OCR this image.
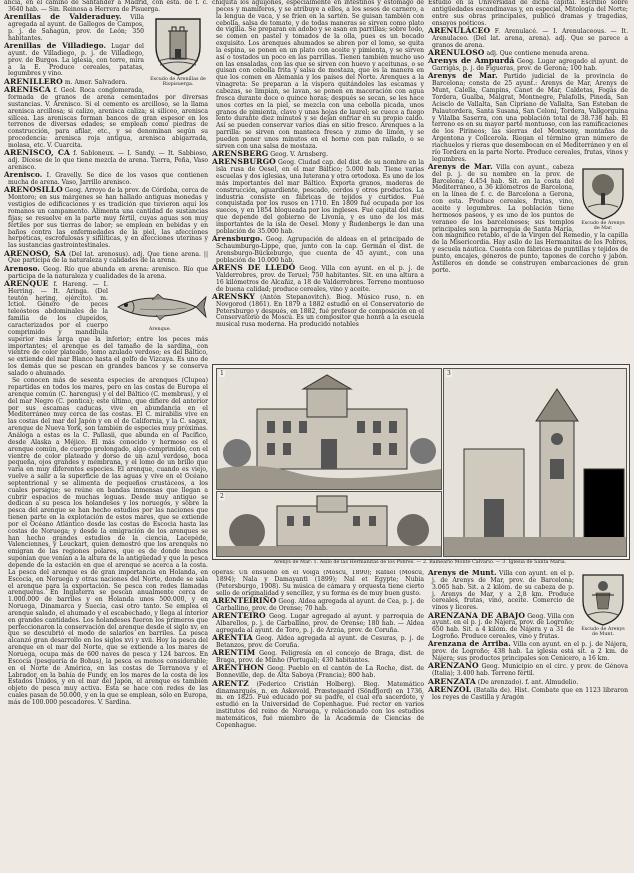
ancia, en el camino de Santander a Madrid, con esta. de f. c. 3640 hab. — Sin. Reinosa a Herrera de Pisuerga.
Escudo de Arenillas de Riopisuerga.
Arenillas de Valderaduey. Villa agregada al ayunt. de Gallegos de Campos, p. j. de Sahagún, prov. de León; 350 habitantes.
Arenillas de Villadiego. Lugar del ayunt. de Villadiego, p. j. de Villadiego, prov. de Burgos. La iglesia, con torre, mira a la E. Produce cereales, patatas, legumbres y vino.
ARENILLERO m. Amer. Salvadera.
ARENISCA f. Geol. Roca conglomerada, formada de granos de arena cementados por diversas sustancias. V. Arenisco. Si el cemento es arcilloso, se la llama arenisca arcillosa; si calizo, arenisca caliza; si silíceo, arenisca silícea. Las areniscas forman bancos de gran espesor en los terrenos de diversas edades; se emplean como piedras de construcción, para afilar, etc., y se denominan según su procedencia: arenisca roja antigua, arenisca abigarrada, molasa, etc. V. Cuarcita.
ARENISCO, CA f. Sabloneux. — I. Sandy. — It. Sabbioso, adj. Dícese de lo que tiene mezcla de arena. Tierra, Peña, Vaso arenisco.
Arenisco. I. Gravelly. Se dice de los vasos que contienen mucha de arena. Vaso, Jarrillo arenisco.
ARENOSILLO Geog. Arroyo de la prov. de Córdoba, cerca de Montoro; en sus márgenes se han hallado antiguas monedas y vestigios de edificaciones y es tradición que tuvieron aquí los romanos un campamento. Alimenta una cantidad de sustancias fijas; se resuelve en la parte muy fértil, cuyas aguas son muy fértiles por sus tierras de labor; se emplean en bebidas y en baños contra las enfermedades de la piel, las afecciones herpéticas, escrofulosas y sifilíticas, y en afecciones uterinas y las sustancias gastrointestinales.
ARENOSO, SA (Del lat. arenosus). adj. Que tiene arena. || Que participa de la naturaleza y calidades de la arena.
Arenoso. Geog. Río que abunda en arena: arenisco. Río que participa de la naturaleza y cualidades de la arena.
Arenque.
ARENQUE f. Hareng. — I. Herring. — It. Aringa. (Del teutón hering, ejército). m. Ictiol. Género de peces teleósteos abdominales de la familia de los clupeidos, caracterizados por el cuerpo comprimido y mandíbula superior más larga que la inferior; entre los peces más importantes; el arenque es del tamaño de la sardina, con vientre de color plateado, lomo azulado verdoso; es del Báltico, se extiende del mar Blanco hasta el golfo de Vizcaya. Es uno de los demás que se pescan en grandes bancos y se conserva salado o ahumado.
Se conocen más de sesenta especies de arenques (Clupea) repartidas en todos los mares, pero en las costas de Europa el arenque común (C. harengus) y el del Báltico (C. membras), y el del mar Negro (C. pontica); este último, que difiere del anterior por sus escamas caducas, vive en abundancia en el Mediterráneo muy cerca de las costas. El C. mirabilis vive en las costas del mar del Japón y en el de California, y la C. sagax, arenque de Nueva York, son también de especies muy próximas. Análoga a estas es la C. Pallasii, que abunda en el Pacífico, desde Alaska a Méjico. El más conocido y hermoso es el arenque común, de cuerpo prolongado, algo comprimido, con el vientre de color plateado y dorso de un azul verdoso, boca pequeña, ojos grandes y membrana, y el lomo de un brillo que varía en muy diferentes especies. El arenque, cuando es viejo, vuelve a salir a la superficie de las aguas y vive en el Océano septentrional y se alimenta de pequeños crustáceos, a los cuales persigue; se reúne en bandas inmensas que llegan a cubrir espacios de muchas leguas. Desde muy antiguo se dedican a su pesca los holandeses y los noruegos, y sobre la pesca del arenque se han hecho estudios por las naciones que tienen parte en la explotación de estos mares, que se extiende por el Océano Atlántico desde las costas de Escocia hasta las costas de Noruega; y desde la emigración de los arenques se han hecho grandes estudios de la ciencia, Lacepède, Valenciennes, y Leuckart, quien demostró que los arenques no emigran de las regiones polares, que es de donde muchos suponían que venían a la altura de la antigüedad y que la pesca depende de la estación en que el arenque se acerca a la costa. La pesca del arenque es de gran importancia en Holanda, en Escocia, en Noruega y otras naciones del Norte, donde se sala el arenque para la exportación. Se pesca con redes llamadas arenqueras. En Inglaterra se pescan anualmente cerca de 1.000.000 de barriles y en Holanda unos 500.000, y en Noruega, Dinamarca y Suecia, casi otro tanto. Se emplea el arenque salado, el ahumado y el escabechado, y llega al interior en grandes cantidades. Los holandeses fueron los primeros que perfeccionaron la conservación del arenque desde el siglo xv, en que se descubrió el modo de salarlos en barriles. La pesca alcanzó gran desarrollo en los siglos xvi y xvii. Hoy la pesca del arenque en el mar del Norte, que se extiende a los mares de Noruega, ocupa más de 600 naves de pesca y 124 barcos. En Escocia (pesquería de Bohus), la pesca es menos considerable; en el Norte de América, en las costas de Terranova y el Labrador, en la bahía de Fundy, en los mares de la costa de los Estados Unidos, y en el mar del Japón, el arenque es también objeto de pesca muy activa. Esta se hace con redes de las cuales pasan de 50.000, y en la que se emplean, sólo en Europa, más de 100.000 pescadores. V. Sardina.
chiquita los aguijones, especialmente en intestinos y estómago de peces y mamíferos, y se atribuye a ellos, a los sesos de carnero, a la lengua de vaca, y se fríen en la sartén. Se guisan también con cebolla, salsa de tomate, y de todas maneras se sirven como plato de vigilia. Se preparan en adobo y se asan en parrillas; sobre todo, se comen en pastel y tomados de la olla, pues es un bocado exquisito. Los arenques ahumados se abren por el lomo, se quita la espina, se ponen en un plato con aceite y pimienta, y se sirven así o tostados un poco en las parrillas. Tienen también mucho uso en las ensaladas, con las que se sirven con huevo y aceitunas, o se guisan con cebolla frita y salsa de mostaza, que es la manera en que los comen en Alemania y los países del Norte. Arenques a la vinagreta: Se preparan a la víspera quitándoles las escamas y cabezas, se limpian, se lavan, se ponen en maceración con agua fresca durante doce o quince horas; después se secan, se les hace unos cortes en la piel, se mezcla con una cebolla picada, unos granos de pimienta, clavo y unas hojas de laurel; se cuece a fuego lento durante diez minutos y se dejan enfriar en su propio caldo. Así se pueden conservar varios días en sitio fresco. Arenques a la parrilla: se sirven con manteca fresca y zumo de limón, y se pueden poner unos minutos en el horno con pan rallado, o se sirven con una salsa de mostaza.
ARENSBERG Geog. V. Arnsberg.
ARENSBURGO Geog. Ciudad cap. del dist. de su nombre en la isla rusa de Oesel, en el mar Báltico; 5.000 hab. Tiene varias escuelas y dos iglesias, una luterana y otra ortodoxa. Es uno de los más importantes del mar Báltico. Exporta granos, maderas de construcción, aguardiente, pescado, cerdos y otros productos. La industria consiste en fábricas de tejidos y curtidos. Fué conquistada por los rusos en 1710. En 1809 fué ocupada por los suecos, y en 1854 bloqueada por los ingleses. Fué capital del dist. que depende del gobierno de Livonia, y es uno de los más importantes de la isla de Oesel. Mony y Rudenbergs le dan una población de 35.000 hab.
Arensburgo. Geog. Agrupación de aldeas en el principado de Schaumburgo-Lippe, que, junto con la cap. Germán el dist. de Arensburgo-Bückeburgo, que cuenta de 45 ayunt., con una población de 10.000 hab.
ARENS DE LLEDÓ Geog. Villa con ayunt. en el p. j. de Valderrobres, prov. de Teruel; 750 habitantes. Sit. en una altura a 16 kilómetros de Alcañiz, a 18 de Valderrobres. Terreno montuoso de buena calidad; produce cereales, vino y aceite.
ARENSKY (Antón Stepanovitch). Biog. Músico ruso, n. en Novgorod (1861). En 1879 a 1882 estudió en el Conservatorio de Petersburgo y después, en 1882, fué profesor de composición en el Conservatorio de Moscú. Es un compositor que honra a la escuela musical rusa moderna. Ha producido notables
1
2
3
Arenys de Mar: 1. Asilo de las Hermanitas de los Pobres. — 2. Balneario Monte Calvario. — 3. Iglesia de Santa María.
óperas: Un ensueño en el Volga (Moscú, 1890); Rafael (Moscú, 1894); Nala y Damayanti (1899); Nal et Egypte; Nubia (Petersburgo, 1908). Su música de cámara y orquesta tiene cierto sello de originalidad y sencillez, y su forma es de muy buen gusto.
ARENTEIRIÑO Geog. Aldea agregada al ayunt. de Cea, p. j. de Carballino, prov. de Orense; 70 hab.
ARENTEIRO Geog. Lugar agregado al ayunt. y parroquia de Albarellos, p. j. de Carballino, prov. de Orense; 180 hab. — Aldea agregada al ayunt. de Toro, p. j. de Arzúa, prov. de Coruña.
ARENTIA Geog. Aldea agregada al ayunt. de Cesuras, p. j. de Betanzos, prov. de Coruña.
ARENTIM Geog. Feligresía en el concejo de Braga, dist. de Braga, prov. de Minho (Portugal); 430 habitantes.
ARENTHON Geog. Pueblo en el cantón de La Roche, dist. de Bonneville, dep. de Alta Saboya (Francia); 800 hab.
ARENTZ (Federico Cristián Holberg). Biog. Matemático dinamarqués, n. en Askevold, Præstegaard (Söndfjord) en 1736, m. en 1825. Fué educado por su padre, el cual era sacerdote, y estudió en la Universidad de Copenhague. Fué rector en varios institutos del reino de Noruega, y relacionado con los estudios matemáticos, fué miembro de la Academia de Ciencias de Copenhague.
Estudió en la Universidad de dicha capital. Escribió sobre antigüedades escandinavas y, en especial, Mitología del Norte; entre sus obras principales, publicó dramas y tragedias, ensayos poéticos.
ARENULÁCEO F. Arenulacé. — I. Arenulaceous. — It. Arenulaceo. (Del lat. arena, arena). adj. Que se parece a granos de arena.
ARENULOSO adj. Que contiene menuda arena.
Arenys de Ampurdá Geog. Lugar agregado al ayunt. de Garrigàs, p. j. de Figueras, prov. de Gerona; 100 hab.
Arenys de Mar. Partido judicial de la provincia de Barcelona; consta de 25 ayunt.: Arenys de Mar, Arenys de Munt, Calella, Campins, Canet de Mar, Caldetas, Fogás de Tordera, Gualba, Malgrat, Montnegre, Palafolls, Pineda, San Acisclo de Vallalta, San Cipriano de Vallalta, San Esteban de Palautordera, Santa Susana, San Celoni, Tordera, Vallgorguina y Vilalba Saserra, con una población total de 38.738 hab. El terreno es en su mayor parte montuoso, con las ramificaciones de los Pirineos; las sierras del Montseny, montañas de Argentona y Collcerola. Riegan el término gran número de riachuelos y rieras que desembocan en el Mediterráneo y en el río Tordera en la parte Norte. Produce cereales, frutas, vinos y legumbres.
Escudo de Arenys de Mar.
Arenys de Mar. Villa con ayunt., cabeza del p. j. de su nombre en la prov. de Barcelona; 4.454 hab. Sit. en la costa del Mediterráneo, a 36 kilómetros de Barcelona, en la línea de f. c. de Barcelona a Gerona, con esta. Produce cereales, frutas, vino, aceite y legumbres. La población tiene hermosos paseos, y es uno de los puntos de veraneo de los barceloneses; sus templos principales son la parroquia de Santa María, con magnífico retablo, el de la Virgen del Remedio, y la capilla de la Misericordia. Hay asilo de las Hermanitas de los Pobres, y escuela náutica. Cuenta con fábricas de puntillas y tejidos de punto, encajes, géneros de punto, tapones de corcho y jabón. Astilleros en donde se construyen embarcaciones de gran porte.
Escudo de Arenys de Munt.
Arenys de Munt. Villa con ayunt. en el p. j. de Arenys de Mar, prov. de Barcelona; 3.065 hab. Sit. a 2 kilóm. de su cabeza de p. j. Arenys de Mar, y a 2,8 km. Produce cereales, frutas, vino, aceite. Comercio de vinos y licores.
ARENZANA DE ABAJO Geog. Villa con ayunt. en el p. j. de Nájera, prov. de Logroño; 650 hab. Sit. a 4 kilóm. de Nájera y a 31 de Logroño. Produce cereales, vino y frutas.
Arenzana de Arriba. Villa con ayunt. en el p. j. de Nájera, prov. de Logroño; 438 hab. La iglesia está sit. a 2 km. de Nájera; sus productos principales son Cenicero, a 16 km.
ARENZANO Geog. Municipio en el circ. y prov. de Génova (Italia); 3.400 hab. Terreno fértil.
ARENZATA (De arenzado). f. ant. Almudelio.
ARENZOL (Batalla de). Hist. Combate que en 1123 libraron los reyes de Castilla y Aragón
